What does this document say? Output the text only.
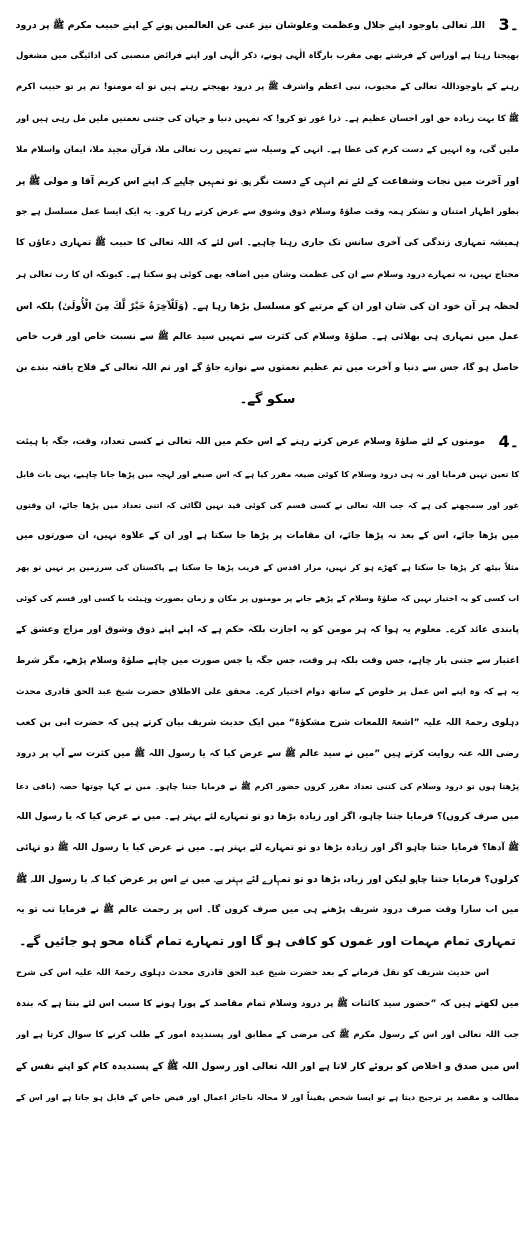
3۔
اللہ تعالی باوجود اپنے جلال وعظمت وعلوشان نیز غنی عن العالمین ہونے کے اپنے حبیب مکرم ﷺ پر درود
بھیجتا رہتا ہے اوراس کے فرشتے بھی مقرب بارگاہ الٰہی ہونے، ذکر الٰہی اور اپنے فرائض منصبی کی ادائیگی میں مشغول
رہنے کے باوجوداللہ تعالی کے محبوب، نبی اعظم واشرف ﷺ پر درود بھیجتے رہتے ہیں تو اے مومنو! تم پر تو حبیب اکرم
ﷺ کا بہت زیادہ حق اور احسان عظیم ہے۔ ذرا غور تو کرو! کہ تمہیں دنیا و جہان کی جتنی نعمتیں ملیں مل رہی ہیں اور
ملیں گی، وہ انہیں کے دست کرم کی عطا ہے۔ انہی کے وسیلہ سے تمہیں رب تعالی ملا، قرآن مجید ملا، ایمان واسلام ملا
اور آخرت میں نجات وشفاعت کے لئے تم انہی کے دست نگر ہو۔ تو تمہیں چاہیے کہ اپنے اس کریم آقا و مولی ﷺ پر
بطور اظہار امتنان و تشکر ہمہ وقت صلوٰۃ وسلام ذوق وشوق سے عرض کرتے رہا کرو۔ یہ ایک ایسا عمل مسلسل ہے جو
ہمیشہ تمہاری زندگی کی آخری سانس تک جاری رہنا چاہیے۔ اس لئے کہ اللہ تعالی کا حبیب ﷺ تمہاری دعاؤں کا
محتاج نہیں، نہ تمہارے درود وسلام سے ان کی عظمت وشان میں اضافہ بھی کوئی ہو سکتا ہے۔ کیونکہ ان کا رب تعالی ہر
لحظہ ہر آن خود ان کی شان اور ان کے مرتبے کو مسلسل بڑھا رہا ہے۔ (وَلَلْآخِرَةُ خَيْرٌ لَّكَ مِنَ الْأُولَىٰ) بلکہ اس
عمل میں تمہاری ہی بھلائی ہے۔ صلوٰۃ وسلام کی کثرت سے تمہیں سید عالم ﷺ سے نسبت خاص اور قرب خاص
حاصل ہو گا، جس سے دنیا و آخرت میں تم عظیم نعمتوں سے نوازے جاؤ گے اور تم اللہ تعالی کے فلاح یافتہ بندے بن
سکو گے۔
4۔
مومنوں کے لئے صلوٰۃ وسلام عرض کرتے رہنے کے اس حکم میں اللہ تعالی نے کسی تعداد، وقت، جگہ یا ہیئت
کا تعین نہیں فرمایا اور نہ ہی درود وسلام کا کوئی صیغہ مقرر کیا ہے کہ اس صیغے اور لہجہ میں پڑھا جانا چاہیے، یہی بات قابل
غور اور سمجھنے کی ہے کہ جب اللہ تعالی نے کسی قسم کی کوئی قید نہیں لگائی کہ اتنی تعداد میں پڑھا جائے، ان وقتوں
میں پڑھا جائے، اس کے بعد نہ پڑھا جائے، ان مقامات پر پڑھا جا سکتا ہے اور ان کے علاوہ نہیں، ان صورتوں میں
مثلاً بیٹھ کر پڑھا جا سکتا ہے کھڑے ہو کر نہیں، مزار اقدس کے قریب پڑھا جا سکتا ہے پاکستان کی سرزمین پر نہیں تو پھر
اب کسی کو یہ اختیار نہیں کہ صلوٰۃ وسلام کے پڑھے جانے پر مومنوں پر مکان و زمان بصورت وہیئت یا کسی اور قسم کی کوئی
پابندی عائد کرے۔ معلوم یہ ہوا کہ ہر مومن کو یہ اجازت بلکہ حکم ہے کہ اپنے اپنے ذوق وشوق اور مزاج وعشق کے
اعتبار سے جتنی بار چاہے، جس وقت بلکہ ہر وقت، جس جگہ یا جس صورت میں چاہے صلوٰۃ وسلام پڑھے، مگر شرط
یہ ہے کہ وہ اپنے اس عمل پر خلوص کے ساتھ دوام اختیار کرے۔ محقق علی الاطلاق حضرت شیخ عبد الحق قادری محدث
دہلوی رحمۃ اللہ علیہ ”اشعۃ اللمعات شرح مشکوٰۃ“ میں ایک حدیث شریف بیان کرتے ہیں کہ حضرت ابی بن کعب
رضی اللہ عنہ روایت کرتے ہیں ”میں نے سید عالم ﷺ سے عرض کیا کہ یا رسول اللہ ﷺ میں کثرت سے آپ پر درود
پڑھتا ہوں تو درود وسلام کی کتنی تعداد مقرر کروں حضور اکرم ﷺ نے فرمایا جتنا چاہو۔ میں نے کہا چوتھا حصہ (باقی دعا
میں صرف کروں)؟ فرمایا جتنا چاہو، اگر اور زیادہ بڑھا دو تو تمہارے لئے بہتر ہے۔ میں نے عرض کیا کہ یا رسول اللہ
ﷺ آدھا؟ فرمایا جتنا چاہو اگر اور زیادہ بڑھا دو تو تمہارے لئے بہتر ہے۔ میں نے عرض کیا یا رسول اللہ ﷺ دو تہائی
کرلوں؟ فرمایا جتنا چاہو لیکن اور زیادہ بڑھا دو تو تمہارے لئے بہتر ہے۔ میں نے اس پر عرض کیا کہ یا رسول اللہ ﷺ
میں اب سارا وقت صرف درود شریف پڑھنے ہی میں صرف کروں گا۔ اس پر رحمت عالم ﷺ نے فرمایا تب تو یہ
تمہاری تمام مہمات اور غموں کو کافی ہو گا اور تمہارے تمام گناہ محو ہو جائیں گے۔
اس حدیث شریف کو نقل فرمانے کے بعد حضرت شیخ عبد الحق قادری محدث دہلوی رحمۃ اللہ علیہ اس کی شرح
میں لکھتے ہیں کہ ”حضور سید کائنات ﷺ پر درود وسلام تمام مقاصد کے پورا ہونے کا سبب اس لئے بنتا ہے کہ بندہ
جب اللہ تعالی اور اس کے رسول مکرم ﷺ کی مرضی کے مطابق اور پسندیدہ امور کے طلب کرنے کا سوال کرتا ہے اور
اس میں صدق و اخلاص کو بروئے کار لاتا ہے اور اللہ تعالی اور رسول اللہ ﷺ کے پسندیدہ کام کو اپنے نفس کے
مطالب و مقصد پر ترجیح دیتا ہے تو ایسا شخص یقیناً اور لا محالہ ناجائز اعمال اور فیض خاص کے قابل ہو جاتا ہے اور اس کے
